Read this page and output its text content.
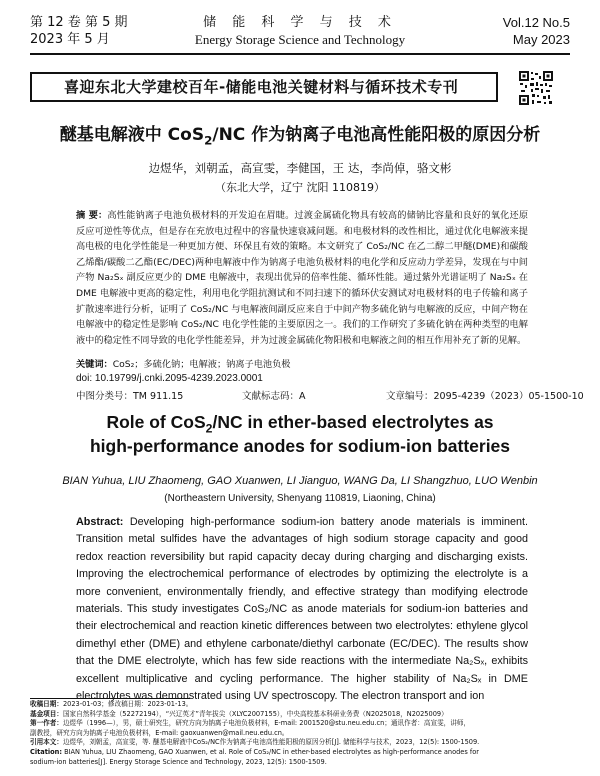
第 12 卷 第 5 期
2023 年 5 月
储 能 科 学 与 技 术
Energy Storage Science and Technology
Vol.12 No.5
May 2023
喜迎东北大学建校百年-储能电池关键材料与循环技术专刊
醚基电解液中 CoS$_2$/NC 作为钠离子电池高性能阳极的原因分析
边煜华，刘朝孟，高宣雯，李健国，王 达，李尚倬，骆文彬
（东北大学，辽宁 沈阳 110819）
摘 要：高性能钠离子电池负极材料的开发迫在眉睫。过渡金属硫化物具有较高的储钠比容量和良好的氧化还原反应可逆性等优点，但是存在充放电过程中的容量快速衰减问题。和电极材料的改性相比，通过优化电解液来提高电极的电化学性能是一种更加方便、环保且有效的策略。本文研究了 CoS₂/NC 在乙二醇二甲醚(DME)和碳酸乙烯酯/碳酸二乙酯(EC/DEC)两种电解液中作为钠离子电池负极材料的电化学和反应动力学差异，发现在与中间产物 Na₂Sₓ 副反应更少的 DME 电解液中，表现出优异的倍率性能、循环性能。通过紫外光谱证明了 Na₂Sₓ 在 DME 电解液中更高的稳定性，利用电化学阻抗测试和不同扫速下的循环伏安测试对电极材料的电子传输和离子扩散速率进行分析，证明了 CoS₂/NC 与电解液间副反应来自于中间产物多硫化钠与电解液的反应，中间产物在电解液中的稳定性是影响 CoS₂/NC 电化学性能的主要原因之一。我们的工作研究了多硫化钠在两种类型的电解液中的稳定性不同导致的电化学性能差异，并为过渡金属硫化物阳极和电解液之间的相互作用补充了新的见解。
关键词：CoS₂；多硫化钠；电解液；钠离子电池负极
doi: 10.19799/j.cnki.2095-4239.2023.0001
中图分类号：TM 911.15	文献标志码：A	文章编号：2095-4239（2023）05-1500-10
Role of CoS$_2$/NC in ether-based electrolytes as
high-performance anodes for sodium-ion batteries
BIAN Yuhua, LIU Zhaomeng, GAO Xuanwen, LI Jianguo, WANG Da, LI Shangzhuo, LUO Wenbin
(Northeastern University, Shenyang 110819, Liaoning, China)
Abstract: Developing high-performance sodium-ion battery anode materials is imminent. Transition metal sulfides have the advantages of high sodium storage capacity and good redox reaction reversibility but rapid capacity decay during charging and discharging exists. Improving the electrochemical performance of electrodes by optimizing the electrolyte is a more convenient, environmentally friendly, and effective strategy than modifying electrode materials. This study investigates CoS₂/NC as anode materials for sodium-ion batteries and their electrochemical and reaction kinetic differences between two electrolytes: ethylene glycol dimethyl ether (DME) and ethylene carbonate/diethyl carbonate (EC/DEC). The results show that the DME electrolyte, which has few side reactions with the intermediate Na₂Sₓ, exhibits excellent multiplicative and cycling performance. The higher stability of Na₂Sₓ in DME electrolytes was demonstrated using UV spectroscopy. The electron transport and ion
收稿日期：2023-01-03；修改稿日期：2023-01-13。
基金项目：国家自然科学基金（52272194），“兴辽英才”青年拔尖（XLYC2007155），中央高校基本科研业务费（N2025018，N2025009）
第一作者：边煜华（1996—），男，硕士研究生，研究方向为钠离子电池负极材料，E-mail: 2001520@stu.neu.edu.cn；通讯作者：高宣雯，讲师，
副教授，研究方向为钠离子电池负极材料，E-mail: gaoxuanwen@mail.neu.edu.cn。
引用本文：边煜华，刘朝孟，高宣雯，等. 醚基电解液中CoS₂/NC作为钠离子电池高性能阳极的原因分析[J]. 储能科学与技术，2023，12(5): 1500-1509.
Citation: BIAN Yuhua, LIU Zhaomeng, GAO Xuanwen, et al. Role of CoS₂/NC in ether-based electrolytes as high-performance anodes for
sodium-ion batteries[J]. Energy Storage Science and Technology, 2023, 12(5): 1500-1509.
